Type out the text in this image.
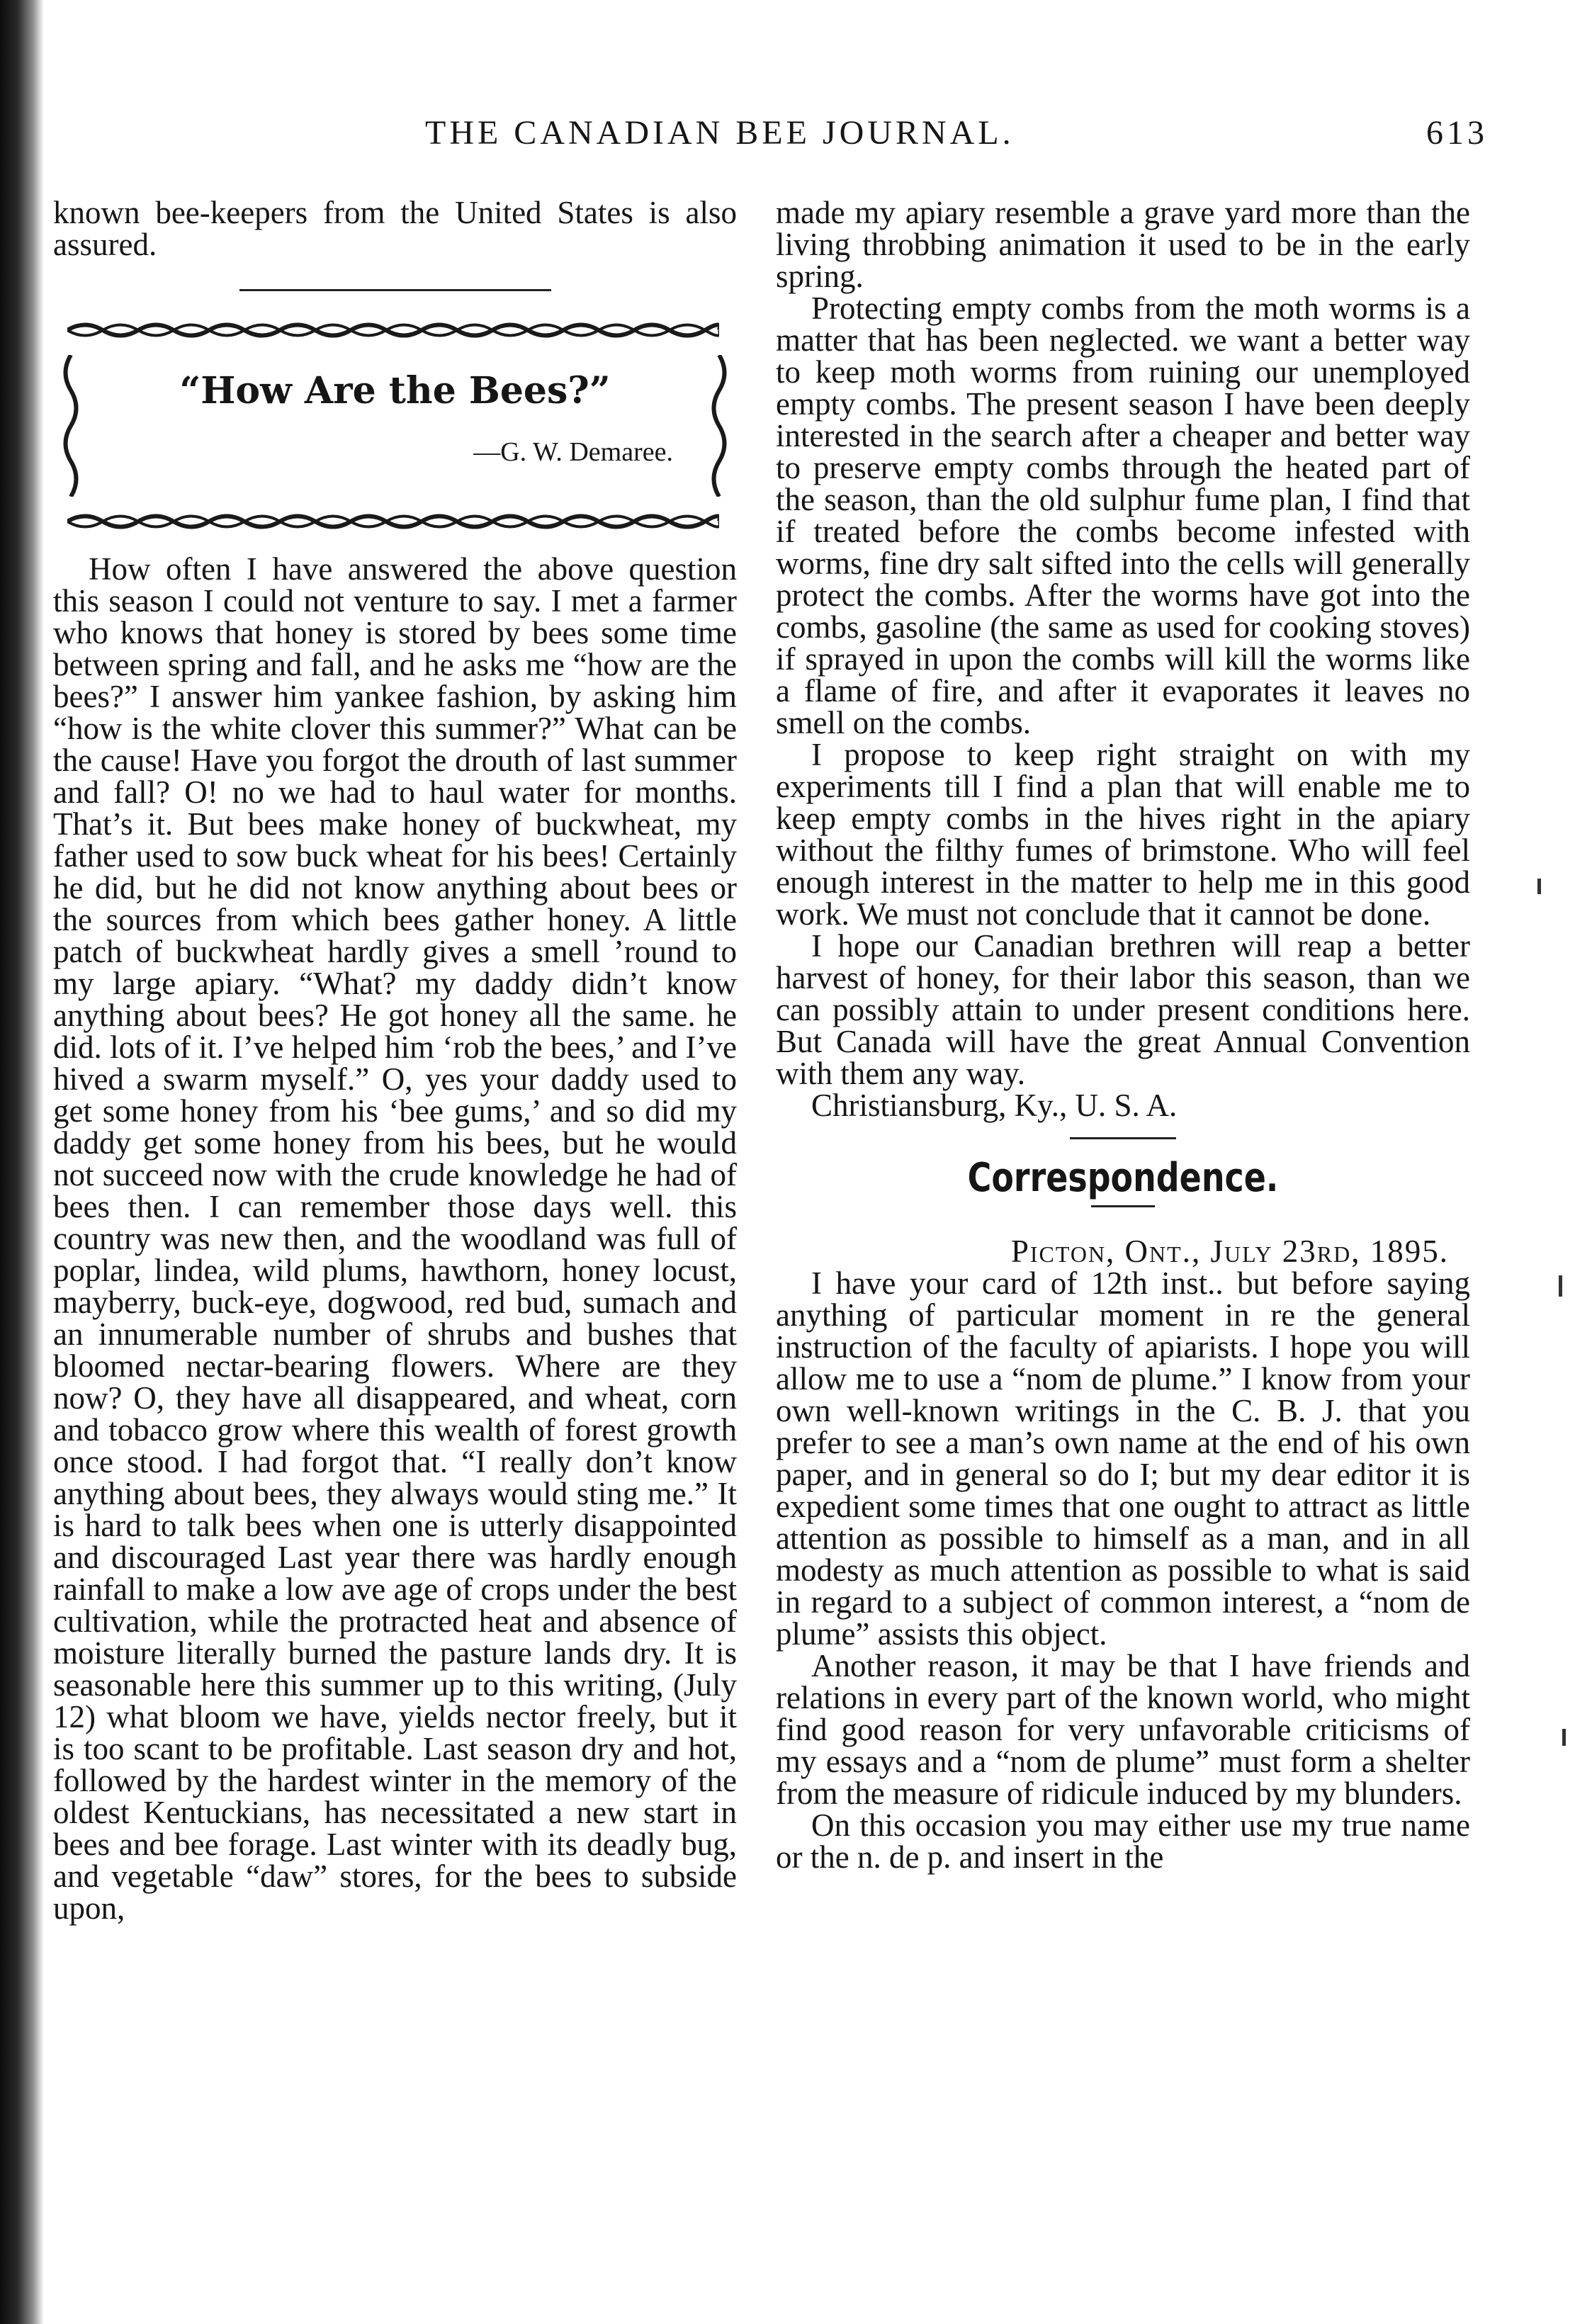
THE CANADIAN BEE JOURNAL.	613

known bee-keepers from the United States is also assured.

“How Are the Bees?”
—G. W. Demaree.

How often I have answered the above question this season I could not venture to say. I met a farmer who knows that honey is stored by bees some time between spring and fall, and he asks me “how are the bees?” I answer him yankee fashion, by asking him “how is the white clover this summer?” What can be the cause! Have you forgot the drouth of last summer and fall? O! no we had to haul water for months. That’s it. But bees make honey of buckwheat, my father used to sow buck wheat for his bees! Certainly he did, but he did not know anything about bees or the sources from which bees gather honey. A little patch of buckwheat hardly gives a smell ’round to my large apiary. “What? my daddy didn’t know anything about bees? He got honey all the same. he did. lots of it. I’ve helped him ‘rob the bees,’ and I’ve hived a swarm myself.” O, yes your daddy used to get some honey from his ‘bee gums,’ and so did my daddy get some honey from his bees, but he would not succeed now with the crude knowledge he had of bees then. I can remember those days well. this country was new then, and the woodland was full of poplar, lindea, wild plums, hawthorn, honey locust, mayberry, buck-eye, dogwood, red bud, sumach and an innumerable number of shrubs and bushes that bloomed nectar-bearing flowers. Where are they now? O, they have all disappeared, and wheat, corn and tobacco grow where this wealth of forest growth once stood. I had forgot that. “I really don’t know anything about bees, they always would sting me.” It is hard to talk bees when one is utterly disappointed and discouraged Last year there was hardly enough rainfall to make a low ave age of crops under the best cultivation, while the protracted heat and absence of moisture literally burned the pasture lands dry. It is seasonable here this summer up to this writing, (July 12) what bloom we have, yields nector freely, but it is too scant to be profitable. Last season dry and hot, followed by the hardest winter in the memory of the oldest Kentuckians, has necessitated a new start in bees and bee forage. Last winter with its deadly bug, and vegetable “daw” stores, for the bees to subside upon,

made my apiary resemble a grave yard more than the living throbbing animation it used to be in the early spring.

Protecting empty combs from the moth worms is a matter that has been neglected. we want a better way to keep moth worms from ruining our unemployed empty combs. The present season I have been deeply interested in the search after a cheaper and better way to preserve empty combs through the heated part of the season, than the old sulphur fume plan, I find that if treated before the combs become infested with worms, fine dry salt sifted into the cells will generally protect the combs. After the worms have got into the combs, gasoline (the same as used for cooking stoves) if sprayed in upon the combs will kill the worms like a flame of fire, and after it evaporates it leaves no smell on the combs.

I propose to keep right straight on with my experiments till I find a plan that will enable me to keep empty combs in the hives right in the apiary without the filthy fumes of brimstone. Who will feel enough interest in the matter to help me in this good work. We must not conclude that it cannot be done.

I hope our Canadian brethren will reap a better harvest of honey, for their labor this season, than we can possibly attain to under present conditions here. But Canada will have the great Annual Convention with them any way.

Christiansburg, Ky., U. S. A.

Correspondence.

Picton, Ont., July 23rd, 1895.

I have your card of 12th inst.. but before saying anything of particular moment in re the general instruction of the faculty of apiarists. I hope you will allow me to use a “nom de plume.” I know from your own well-known writings in the C. B. J. that you prefer to see a man’s own name at the end of his own paper, and in general so do I; but my dear editor it is expedient some times that one ought to attract as little attention as possible to himself as a man, and in all modesty as much attention as possible to what is said in regard to a subject of common interest, a “nom de plume” assists this object.

Another reason, it may be that I have friends and relations in every part of the known world, who might find good reason for very unfavorable criticisms of my essays and a “nom de plume” must form a shelter from the measure of ridicule induced by my blunders.

On this occasion you may either use my true name or the n. de p. and insert in the
